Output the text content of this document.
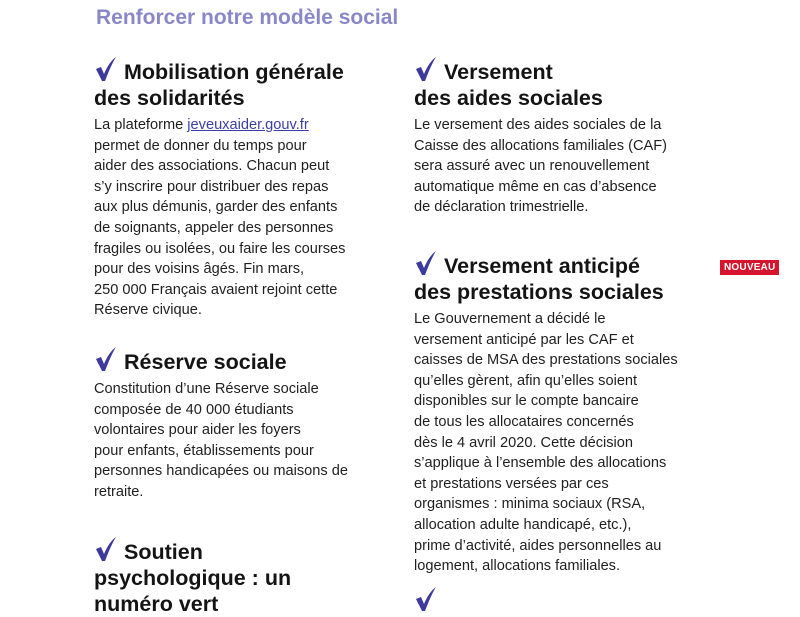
Renforcer notre modèle social
Mobilisation générale
des solidarités

La plateforme jeveuxaider.gouv.fr
permet de donner du temps pour
aider des associations. Chacun peut
s’y inscrire pour distribuer des repas
aux plus démunis, garder des enfants
de soignants, appeler des personnes
fragiles ou isolées, ou faire les courses
pour des voisins âgés. Fin mars,
250 000 Français avaient rejoint cette
Réserve civique.

Réserve sociale

Constitution d’une Réserve sociale
composée de 40 000 étudiants
volontaires pour aider les foyers
pour enfants, établissements pour
personnes handicapées ou maisons de
retraite.

Soutien
psychologique : un
numéro vert
Versement
des aides sociales

Le versement des aides sociales de la
Caisse des allocations familiales (CAF)
sera assuré avec un renouvellement
automatique même en cas d’absence
de déclaration trimestrielle.

Versement anticipé
des prestations sociales

Le Gouvernement a décidé le
versement anticipé par les CAF et
caisses de MSA des prestations sociales
qu’elles gèrent, afin qu’elles soient
disponibles sur le compte bancaire
de tous les allocataires concernés
dès le 4 avril 2020. Cette décision
s’applique à l’ensemble des allocations
et prestations versées par ces
organismes : minima sociaux (RSA,
allocation adulte handicapé, etc.),
prime d’activité, aides personnelles au
logement, allocations familiales.

NOUVEAU
